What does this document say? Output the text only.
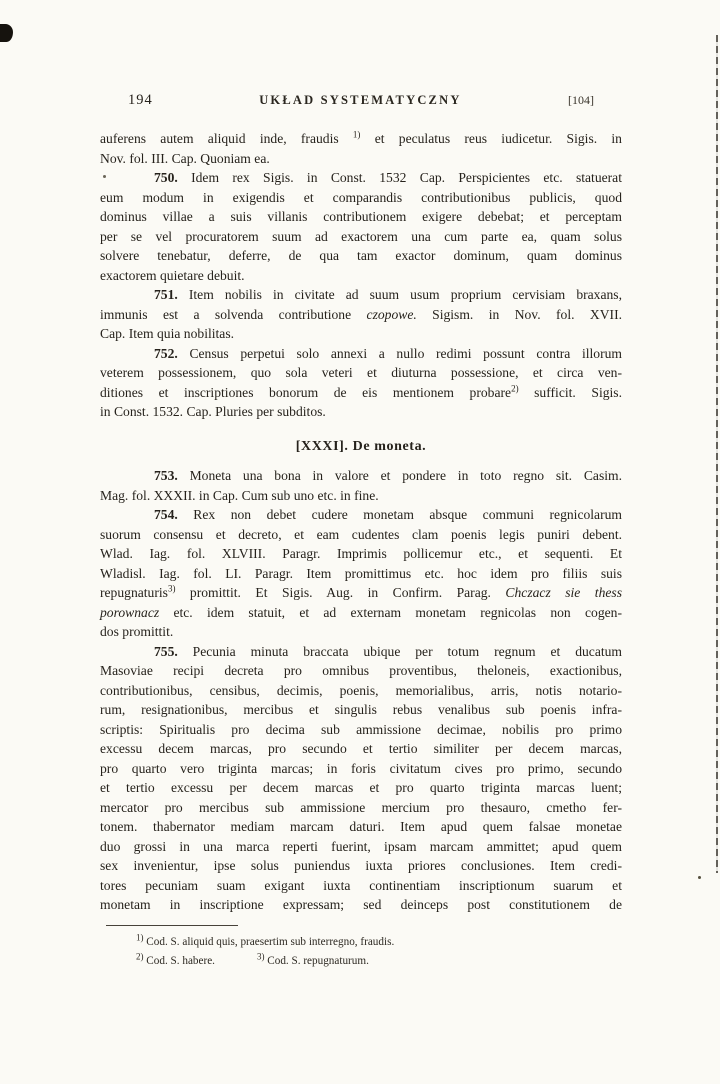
194	UKŁAD SYSTEMATYCZNY	[104]
auferens autem aliquid inde, fraudis $^{1)}$ et peculatus reus iudicetur. Sigis. in
Nov. fol. III. Cap. Quoniam ea.
750. Idem rex Sigis. in Const. 1532 Cap. Perspicientes etc. statuerat
eum modum in exigendis et comparandis contributionibus publicis, quod
dominus villae a suis villanis contributionem exigere debebat; et perceptam
per se vel procuratorem suum ad exactorem una cum parte ea, quam solus
solvere tenebatur, deferre, de qua tam exactor dominum, quam dominus
exactorem quietare debuit.
751. Item nobilis in civitate ad suum usum proprium cervisiam braxans,
immunis est a solvenda contributione czopowe. Sigism. in Nov. fol. XVII.
Cap. Item quia nobilitas.
752. Census perpetui solo annexi a nullo redimi possunt contra illorum
veterem possessionem, quo sola veteri et diuturna possessione, et circa ven-
ditiones et inscriptiones bonorum de eis mentionem probare$^{2)}$ sufficit. Sigis.
in Const. 1532. Cap. Pluries per subditos.
[XXXI]. De moneta.
753. Moneta una bona in valore et pondere in toto regno sit. Casim.
Mag. fol. XXXII. in Cap. Cum sub uno etc. in fine.
754. Rex non debet cudere monetam absque communi regnicolarum
suorum consensu et decreto, et eam cudentes clam poenis legis puniri debent.
Wlad. Iag. fol. XLVIII. Paragr. Imprimis pollicemur etc., et sequenti. Et
Wladisl. Iag. fol. LI. Paragr. Item promittimus etc. hoc idem pro filiis suis
repugnaturis$^{3)}$ promittit. Et Sigis. Aug. in Confirm. Parag. Chczacz sie thess
porownacz etc. idem statuit, et ad externam monetam regnicolas non cogen-
dos promittit.
755. Pecunia minuta braccata ubique per totum regnum et ducatum
Masoviae recipi decreta pro omnibus proventibus, theloneis, exactionibus,
contributionibus, censibus, decimis, poenis, memorialibus, arris, notis notario-
rum, resignationibus, mercibus et singulis rebus venalibus sub poenis infra-
scriptis: Spiritualis pro decima sub ammissione decimae, nobilis pro primo
excessu decem marcas, pro secundo et tertio similiter per decem marcas,
pro quarto vero triginta marcas; in foris civitatum cives pro primo, secundo
et tertio excessu per decem marcas et pro quarto triginta marcas luent;
mercator pro mercibus sub ammissione mercium pro thesauro, cmetho fer-
tonem. thabernator mediam marcam daturi. Item apud quem falsae monetae
duo grossi in una marca reperti fuerint, ipsam marcam ammittet; apud quem
sex invenientur, ipse solus puniendus iuxta priores conclusiones. Item credi-
tores pecuniam suam exigant iuxta continentiam inscriptionum suarum et
monetam in inscriptione expressam; sed deinceps post constitutionem de
$^{1)}$ Cod. S. aliquid quis, praesertim sub interregno, fraudis.
$^{2)}$ Cod. S. habere.	$^{3)}$ Cod. S. repugnaturum.
